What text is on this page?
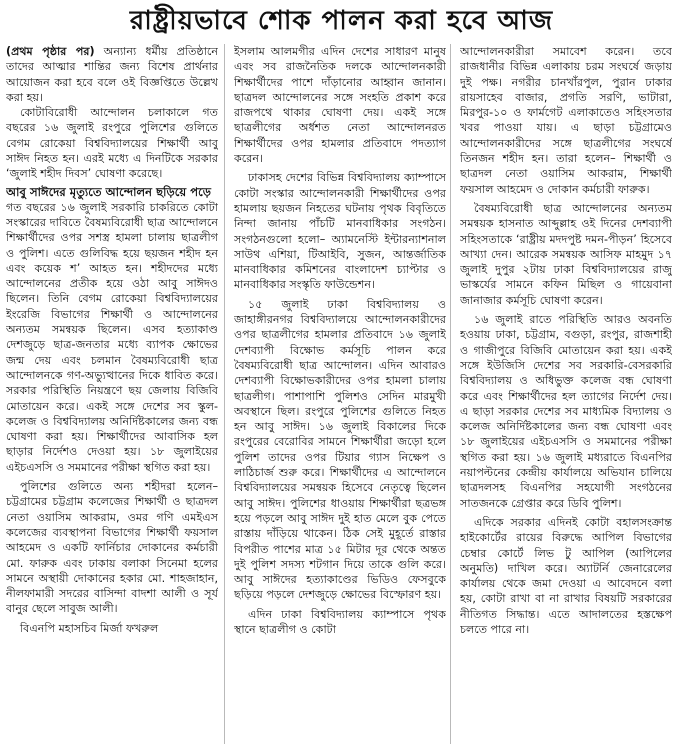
রাষ্ট্রীয়ভাবে শোক পালন করা হবে আজ

(প্রথম পৃষ্ঠার পর) অন্যান্য ধর্মীয় প্রতিষ্ঠানে তাদের আত্মার শান্তির জন্য বিশেষ প্রার্থনার আয়োজন করা হবে বলে ওই বিজ্ঞপ্তিতে উল্লেখ করা হয়।

কোটাবিরোধী আন্দোলন চলাকালে গত বছরের ১৬ জুলাই রংপুরে পুলিশের গুলিতে বেগম রোকেয়া বিশ্ববিদ্যালয়ের শিক্ষার্থী আবু সাঈদ নিহত হন। এরই মধ্যে এ দিনটিকে সরকার ‘জুলাই শহীদ দিবস’ ঘোষণা করেছে।

আবু সাঈদের মৃত্যুতে আন্দোলন ছড়িয়ে পড়ে

গত বছরের ১৬ জুলাই সরকারি চাকরিতে কোটা সংস্কারের দাবিতে বৈষম্যবিরোধী ছাত্র আন্দোলনে শিক্ষার্থীদের ওপর সশস্ত্র হামলা চালায় ছাত্রলীগ ও পুলিশ। এতে গুলিবিদ্ধ হয়ে ছয়জন শহীদ হন এবং কয়েক শ’ আহত হন। শহীদদের মধ্যে আন্দোলনের প্রতীক হয়ে ওঠা আবু সাঈদও ছিলেন। তিনি বেগম রোকেয়া বিশ্ববিদ্যালয়ের ইংরেজি বিভাগের শিক্ষার্থী ও আন্দোলনের অন্যতম সমন্বয়ক ছিলেন। এসব হত্যাকাণ্ড দেশজুড়ে ছাত্র-জনতার মধ্যে ব্যাপক ক্ষোভের জন্ম দেয় এবং চলমান বৈষম্যবিরোধী ছাত্র আন্দোলনকে গণ-অভ্যুত্থানের দিকে ধাবিত করে। সরকার পরিস্থিতি নিয়ন্ত্রণে ছয় জেলায় বিজিবি মোতায়েন করে। একই সঙ্গে দেশের সব স্কুল-কলেজ ও বিশ্ববিদ্যালয় অনির্দিষ্টকালের জন্য বন্ধ ঘোষণা করা হয়। শিক্ষার্থীদের আবাসিক হল ছাড়ার নির্দেশও দেওয়া হয়। ১৮ জুলাইয়ের এইচএসসি ও সমমানের পরীক্ষা স্থগিত করা হয়।

পুলিশের গুলিতে অন্য শহীদরা হলেন– চট্টগ্রামের চট্টগ্রাম কলেজের শিক্ষার্থী ও ছাত্রদল নেতা ওয়াসিম আকরাম, ওমর গণি এমইএস কলেজের ব্যবস্থাপনা বিভাগের শিক্ষার্থী ফয়সাল আহমেদ ও একটি ফার্নিচার দোকানের কর্মচারী মো. ফারুক এবং ঢাকায় বলাকা সিনেমা হলের সামনে অস্থায়ী দোকানের হকার মো. শাহজাহান, নীলফামারী সদরের বাসিন্দা বাদশা আলী ও সূর্য বানুর ছেলে সাবুজ আলী।

বিএনপি মহাসচিব মির্জা ফখরুল

ইসলাম আলমগীর এদিন দেশের সাধারণ মানুষ এবং সব রাজনৈতিক দলকে আন্দোলনকারী শিক্ষার্থীদের পাশে দাঁড়ানোর আহ্বান জানান। ছাত্রদল আন্দোলনের সঙ্গে সংহতি প্রকাশ করে রাজপথে থাকার ঘোষণা দেয়। একই সঙ্গে ছাত্রলীগের অর্ধশত নেতা আন্দোলনরত শিক্ষার্থীদের ওপর হামলার প্রতিবাদে পদত্যাগ করেন।

ঢাকাসহ দেশের বিভিন্ন বিশ্ববিদ্যালয় ক্যাম্পাসে কোটা সংস্কার আন্দোলনকারী শিক্ষার্থীদের ওপর হামলায় ছয়জন নিহতের ঘটনায় পৃথক বিবৃতিতে নিন্দা জানায় পাঁচটি মানবাধিকার সংগঠন। সংগঠনগুলো হলো– অ্যামনেস্টি ইন্টারন্যাশনাল সাউথ এশিয়া, টিআইবি, সুজন, আন্তর্জাতিক মানবাধিকার কমিশনের বাংলাদেশ চ্যাপ্টার ও মানবাধিকার সংস্কৃতি ফাউন্ডেশন।

১৫ জুলাই ঢাকা বিশ্ববিদ্যালয় ও জাহাঙ্গীরনগর বিশ্ববিদ্যালয়ে আন্দোলনকারীদের ওপর ছাত্রলীগের হামলার প্রতিবাদে ১৬ জুলাই দেশব্যাপী বিক্ষোভ কর্মসূচি পালন করে বৈষম্যবিরোধী ছাত্র আন্দোলন। এদিন আবারও দেশব্যাপী বিক্ষোভকারীদের ওপর হামলা চালায় ছাত্রলীগ। পাশাপাশি পুলিশও সেদিন মারমুখী অবস্থানে ছিল। রংপুরে পুলিশের গুলিতে নিহত হন আবু সাঈদ। ১৬ জুলাই বিকালের দিকে রংপুরের বেরোবির সামনে শিক্ষার্থীরা জড়ো হলে পুলিশ তাদের ওপর টিয়ার গ্যাস নিক্ষেপ ও লাঠিচার্জ শুরু করে। শিক্ষার্থীদের এ আন্দোলনে বিশ্ববিদ্যালয়ের সমন্বয়ক হিসেবে নেতৃত্বে ছিলেন আবু সাঈদ। পুলিশের ধাওয়ায় শিক্ষার্থীরা ছত্রভঙ্গ হয়ে পড়লে আবু সাঈদ দুই হাত মেলে বুক পেতে রাস্তায় দাঁড়িয়ে থাকেন। ঠিক সেই মুহূর্তে রাস্তার বিপরীত পাশের মাত্র ১৫ মিটার দূর থেকে অন্তত দুই পুলিশ সদস্য শটগান দিয়ে তাকে গুলি করে। আবু সাঈদের হত্যাকাণ্ডের ভিডিও ফেসবুকে ছড়িয়ে পড়লে দেশজুড়ে ক্ষোভের বিস্ফোরণ হয়।

এদিন ঢাকা বিশ্ববিদ্যালয় ক্যাম্পাসে পৃথক স্থানে ছাত্রলীগ ও কোটা

আন্দোলনকারীরা সমাবেশ করেন। তবে রাজধানীর বিভিন্ন এলাকায় চরম সংঘর্ষে জড়ায় দুই পক্ষ। নগরীর চানখাঁরপুল, পুরান ঢাকার রায়সাহেব বাজার, প্রগতি সরণি, ভাটারা, মিরপুর-১০ ও ফার্মগেট এলাকাতেও সহিংসতার খবর পাওয়া যায়। এ ছাড়া চট্টগ্রামেও আন্দোলনকারীদের সঙ্গে ছাত্রলীগের সংঘর্ষে তিনজন শহীদ হন। তারা হলেন– শিক্ষার্থী ও ছাত্রদল নেতা ওয়াসিম আকরাম, শিক্ষার্থী ফয়সাল আহমেদ ও দোকান কর্মচারী ফারুক।

বৈষম্যবিরোধী ছাত্র আন্দোলনের অন্যতম সমন্বয়ক হাসনাত আব্দুল্লাহ ওই দিনের দেশব্যাপী সহিংসতাকে ‘রাষ্ট্রীয় মদদপুষ্ট দমন-পীড়ন’ হিসেবে আখ্যা দেন। আরেক সমন্বয়ক আসিফ মাহমুদ ১৭ জুলাই দুপুর ২টায় ঢাকা বিশ্ববিদ্যালয়ের রাজু ভাস্কর্যের সামনে কফিন মিছিল ও গায়েবানা জানাজার কর্মসূচি ঘোষণা করেন।

১৬ জুলাই রাতে পরিস্থিতি আরও অবনতি হওয়ায় ঢাকা, চট্টগ্রাম, বগুড়া, রংপুর, রাজশাহী ও গাজীপুরে বিজিবি মোতায়েন করা হয়। একই সঙ্গে ইউজিসি দেশের সব সরকারি-বেসরকারি বিশ্ববিদ্যালয় ও অধিভুক্ত কলেজ বন্ধ ঘোষণা করে এবং শিক্ষার্থীদের হল ত্যাগের নির্দেশ দেয়। এ ছাড়া সরকার দেশের সব মাধ্যমিক বিদ্যালয় ও কলেজ অনির্দিষ্টকালের জন্য বন্ধ ঘোষণা এবং ১৮ জুলাইয়ের এইচএসসি ও সমমানের পরীক্ষা স্থগিত করা হয়। ১৬ জুলাই মধ্যরাতে বিএনপির নয়াপল্টনের কেন্দ্রীয় কার্যালয়ে অভিযান চালিয়ে ছাত্রদলসহ বিএনপির সহযোগী সংগঠনের সাতজনকে গ্রেপ্তার করে ডিবি পুলিশ।

এদিকে সরকার এদিনই কোটা বহালসংক্রান্ত হাইকোর্টের রায়ের বিরুদ্ধে আপিল বিভাগের চেম্বার কোর্টে লিভ টু আপিল (আপিলের অনুমতি) দাখিল করে। অ্যাটর্নি জেনারেলের কার্যালয় থেকে জমা দেওয়া এ আবেদনে বলা হয়, কোটা রাখা বা না রাখার বিষয়টি সরকারের নীতিগত সিদ্ধান্ত। এতে আদালতের হস্তক্ষেপ চলতে পারে না।
